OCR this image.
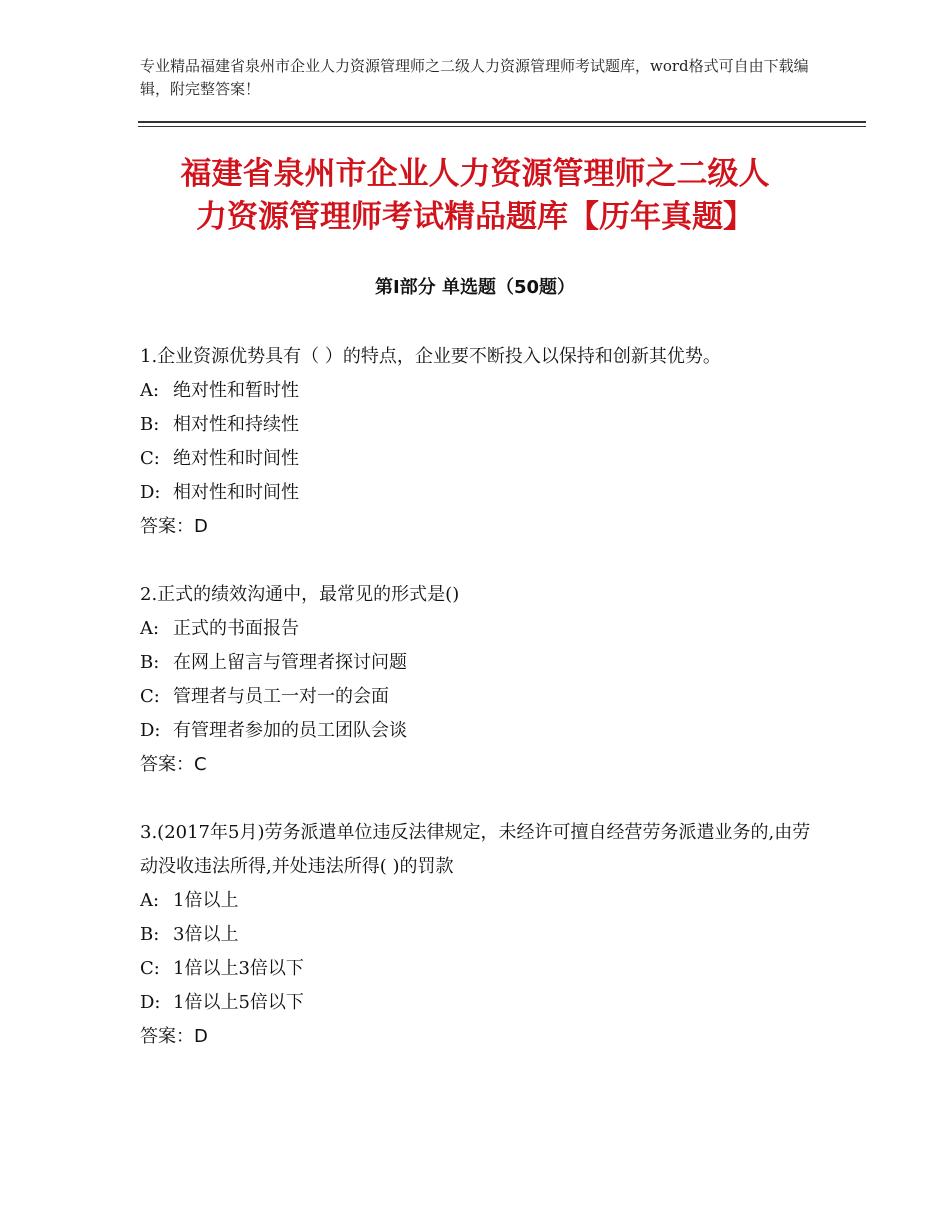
专业精品福建省泉州市企业人力资源管理师之二级人力资源管理师考试题库，word格式可自由下载编辑，附完整答案！
福建省泉州市企业人力资源管理师之二级人
力资源管理师考试精品题库【历年真题】
第Ⅰ部分 单选题（50题）
1.企业资源优势具有（ ）的特点，企业要不断投入以保持和创新其优势。
A: 绝对性和暂时性
B: 相对性和持续性
C: 绝对性和时间性
D: 相对性和时间性
答案：D
2.正式的绩效沟通中，最常见的形式是()
A: 正式的书面报告
B: 在网上留言与管理者探讨问题
C: 管理者与员工一对一的会面
D: 有管理者参加的员工团队会谈
答案：C
3.(2017年5月)劳务派遣单位违反法律规定，未经许可擅自经营劳务派遣业务的,由劳动没收违法所得,并处违法所得( )的罚款
A: 1倍以上
B: 3倍以上
C: 1倍以上3倍以下
D: 1倍以上5倍以下
答案：D
